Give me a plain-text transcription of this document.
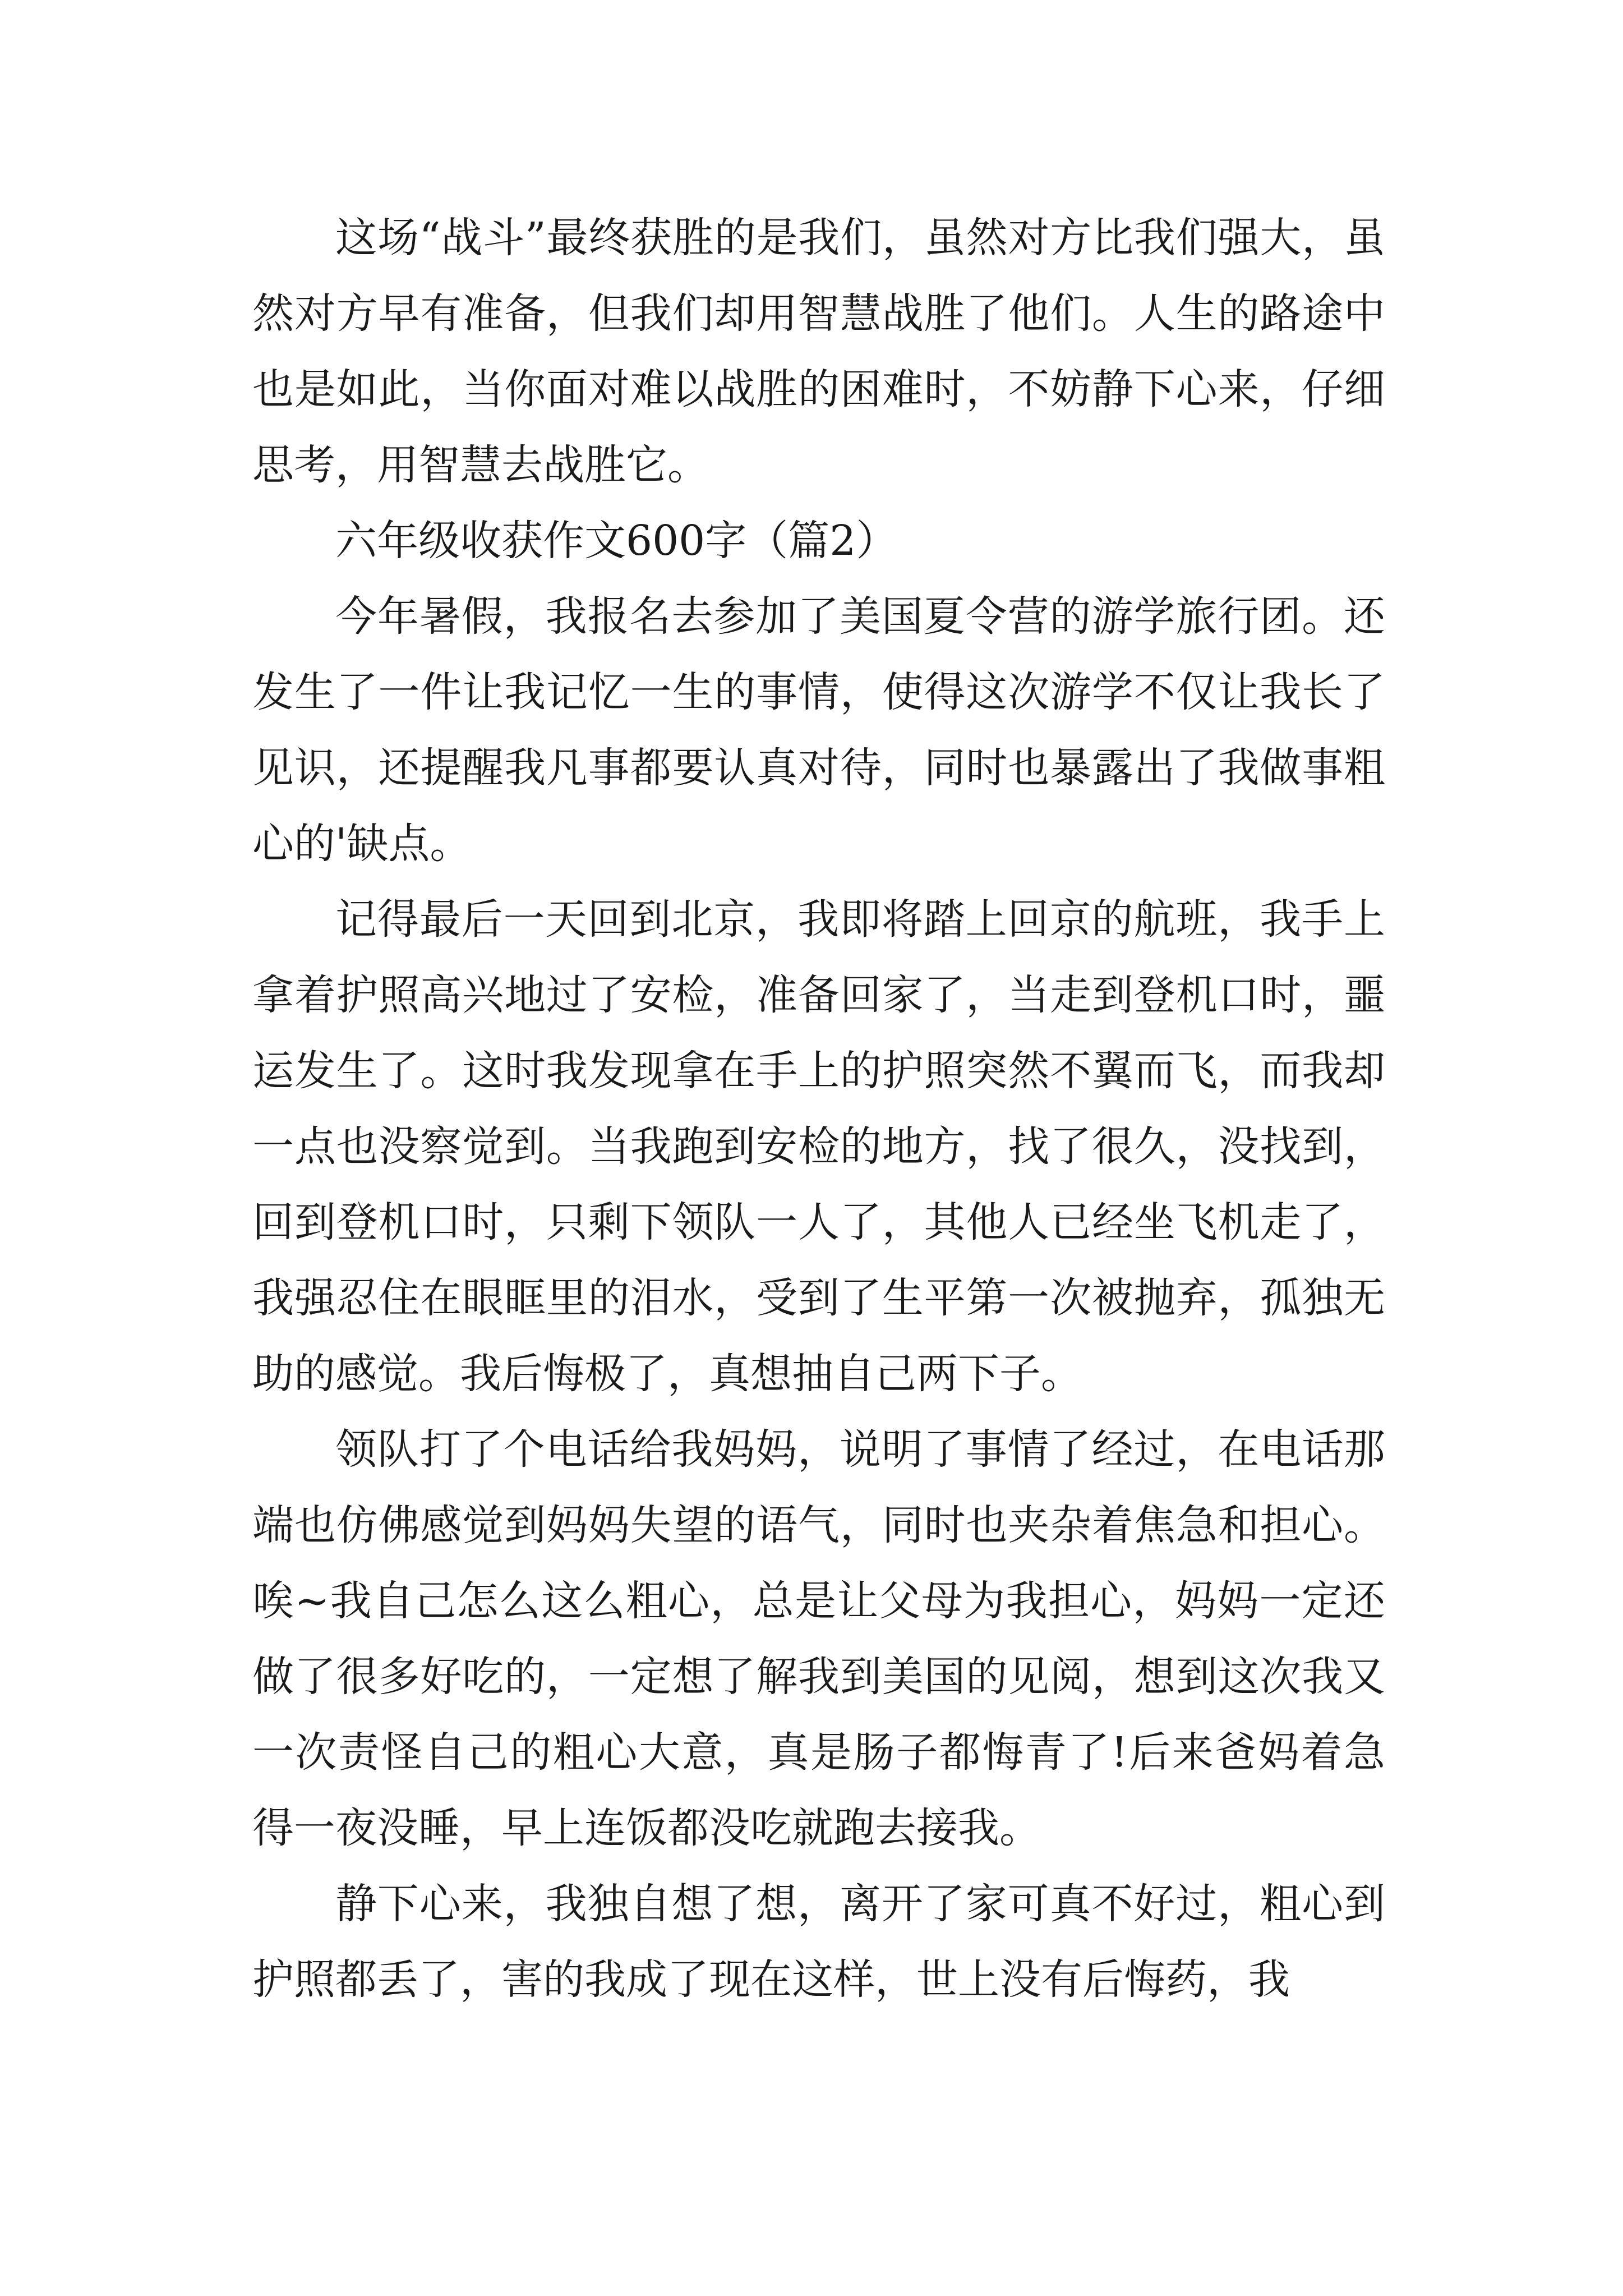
这场“战斗”最终获胜的是我们，虽然对方比我们强大，虽然对方早有准备，但我们却用智慧战胜了他们。人生的路途中也是如此，当你面对难以战胜的困难时，不妨静下心来，仔细思考，用智慧去战胜它。

六年级收获作文600字（篇2）

今年暑假，我报名去参加了美国夏令营的游学旅行团。还发生了一件让我记忆一生的事情，使得这次游学不仅让我长了见识，还提醒我凡事都要认真对待，同时也暴露出了我做事粗心的'缺点。

记得最后一天回到北京，我即将踏上回京的航班，我手上拿着护照高兴地过了安检，准备回家了，当走到登机口时，噩运发生了。这时我发现拿在手上的护照突然不翼而飞，而我却一点也没察觉到。当我跑到安检的地方，找了很久，没找到，回到登机口时，只剩下领队一人了，其他人已经坐飞机走了，我强忍住在眼眶里的泪水，受到了生平第一次被抛弃，孤独无助的感觉。我后悔极了，真想抽自己两下子。

领队打了个电话给我妈妈，说明了事情了经过，在电话那端也仿佛感觉到妈妈失望的语气，同时也夹杂着焦急和担心。唉~我自己怎么这么粗心，总是让父母为我担心，妈妈一定还做了很多好吃的，一定想了解我到美国的见阅，想到这次我又一次责怪自己的粗心大意，真是肠子都悔青了!后来爸妈着急得一夜没睡，早上连饭都没吃就跑去接我。

静下心来，我独自想了想，离开了家可真不好过，粗心到护照都丢了，害的我成了现在这样，世上没有后悔药，我
